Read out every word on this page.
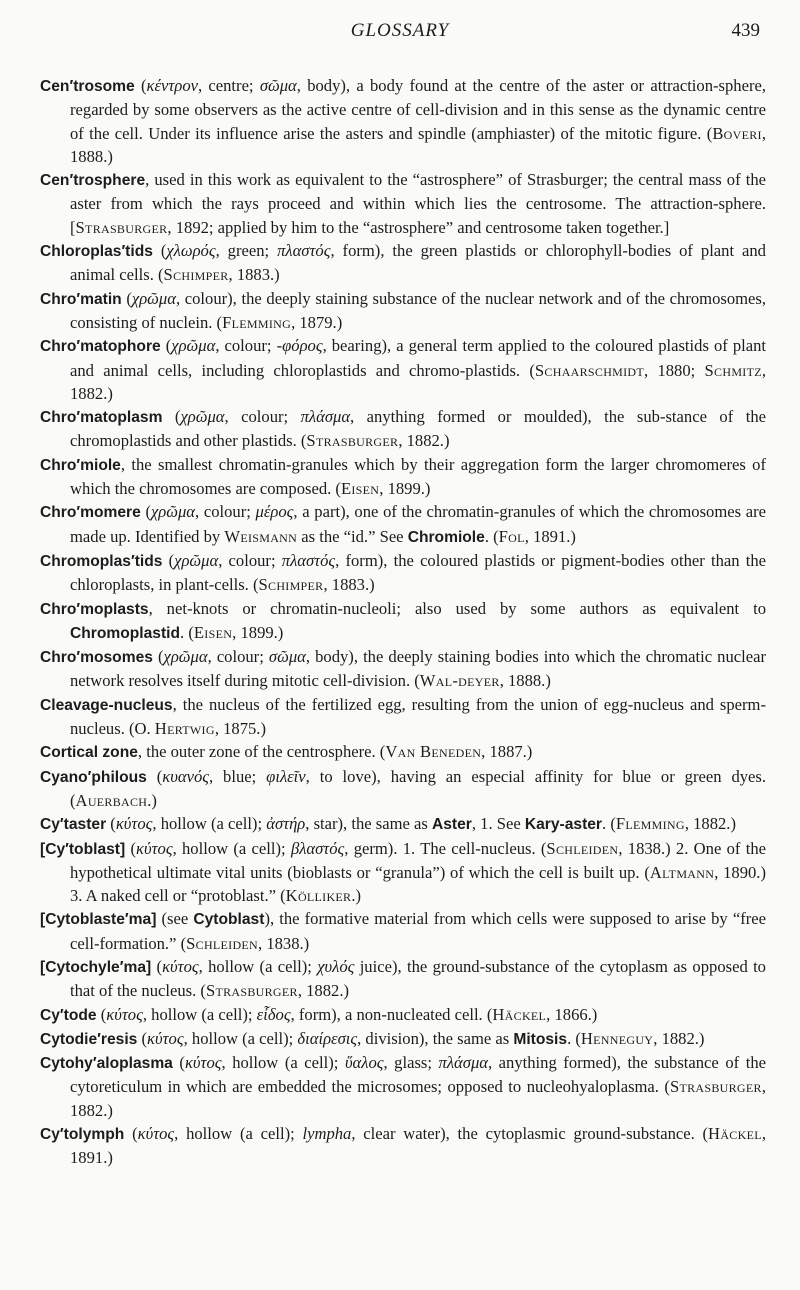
GLOSSARY	439

Cen′trosome (κέντρον, centre; σῶμα, body), a body found at the centre of the aster or attraction-sphere, regarded by some observers as the active centre of cell-division and in this sense as the dynamic centre of the cell. Under its influence arise the asters and spindle (amphiaster) of the mitotic figure. (Boveri, 1888.)

Cen′trosphere, used in this work as equivalent to the “astrosphere” of Strasburger; the central mass of the aster from which the rays proceed and within which lies the centrosome. The attraction-sphere. [Strasburger, 1892; applied by him to the “astrosphere” and centrosome taken together.]

Chloroplas′tids (χλωρός, green; πλαστός, form), the green plastids or chlorophyll-bodies of plant and animal cells. (Schimper, 1883.)

Chro′matin (χρῶμα, colour), the deeply staining substance of the nuclear network and of the chromosomes, consisting of nuclein. (Flemming, 1879.)

Chro′matophore (χρῶμα, colour; -φόρος, bearing), a general term applied to the coloured plastids of plant and animal cells, including chloroplastids and chromo-plastids. (Schaarschmidt, 1880; Schmitz, 1882.)

Chro′matoplasm (χρῶμα, colour; πλάσμα, anything formed or moulded), the sub-stance of the chromoplastids and other plastids. (Strasburger, 1882.)

Chro′miole, the smallest chromatin-granules which by their aggregation form the larger chromomeres of which the chromosomes are composed. (Eisen, 1899.)

Chro′momere (χρῶμα, colour; μέρος, a part), one of the chromatin-granules of which the chromosomes are made up. Identified by Weismann as the “id.” See Chromiole. (Fol, 1891.)

Chromoplas′tids (χρῶμα, colour; πλαστός, form), the coloured plastids or pigment-bodies other than the chloroplasts, in plant-cells. (Schimper, 1883.)

Chro′moplasts, net-knots or chromatin-nucleoli; also used by some authors as equivalent to Chromoplastid. (Eisen, 1899.)

Chro′mosomes (χρῶμα, colour; σῶμα, body), the deeply staining bodies into which the chromatic nuclear network resolves itself during mitotic cell-division. (Wal-deyer, 1888.)

Cleavage-nucleus, the nucleus of the fertilized egg, resulting from the union of egg-nucleus and sperm-nucleus. (O. Hertwig, 1875.)

Cortical zone, the outer zone of the centrosphere. (Van Beneden, 1887.)

Cyano′philous (κυανός, blue; φιλεῖν, to love), having an especial affinity for blue or green dyes. (Auerbach.)

Cy′taster (κύτος, hollow (a cell); ἀστήρ, star), the same as Aster, 1. See Kary-aster. (Flemming, 1882.)

[Cy′toblast] (κύτος, hollow (a cell); βλαστός, germ). 1. The cell-nucleus. (Schleiden, 1838.) 2. One of the hypothetical ultimate vital units (bioblasts or “granula”) of which the cell is built up. (Altmann, 1890.) 3. A naked cell or “protoblast.” (Kölliker.)

[Cytoblaste′ma] (see Cytoblast), the formative material from which cells were supposed to arise by “free cell-formation.” (Schleiden, 1838.)

[Cytochyle′ma] (κύτος, hollow (a cell); χυλός juice), the ground-substance of the cytoplasm as opposed to that of the nucleus. (Strasburger, 1882.)

Cy′tode (κύτος, hollow (a cell); εἶδος, form), a non-nucleated cell. (Häckel, 1866.)

Cytodie′resis (κύτος, hollow (a cell); διαίρεσις, division), the same as Mitosis. (Henneguy, 1882.)

Cytohy′aloplasma (κύτος, hollow (a cell); ὕαλος, glass; πλάσμα, anything formed), the substance of the cytoreticulum in which are embedded the microsomes; opposed to nucleohyaloplasma. (Strasburger, 1882.)

Cy′tolymph (κύτος, hollow (a cell); lympha, clear water), the cytoplasmic ground-substance. (Häckel, 1891.)
